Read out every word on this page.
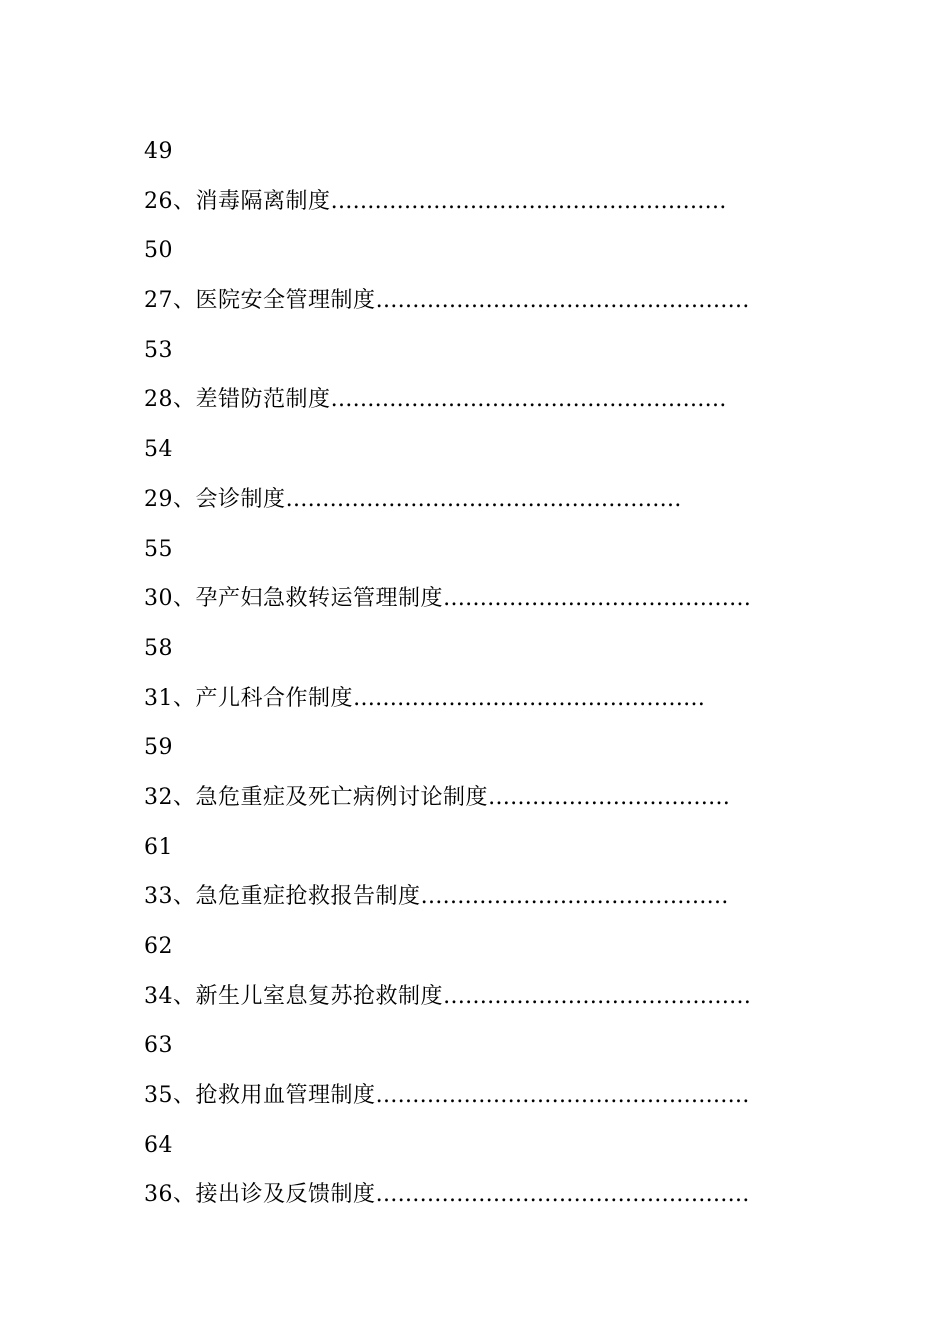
49
26、消毒隔离制度………………………………………………
50
27、医院安全管理制度……………………………………………
53
28、差错防范制度………………………………………………
54
29、会诊制度………………………………………………
55
30、孕产妇急救转运管理制度……………………………………
58
31、产儿科合作制度…………………………………………
59
32、急危重症及死亡病例讨论制度……………………………
61
33、急危重症抢救报告制度……………………………………
62
34、新生儿室息复苏抢救制度……………………………………
63
35、抢救用血管理制度……………………………………………
64
36、接出诊及反馈制度……………………………………………
